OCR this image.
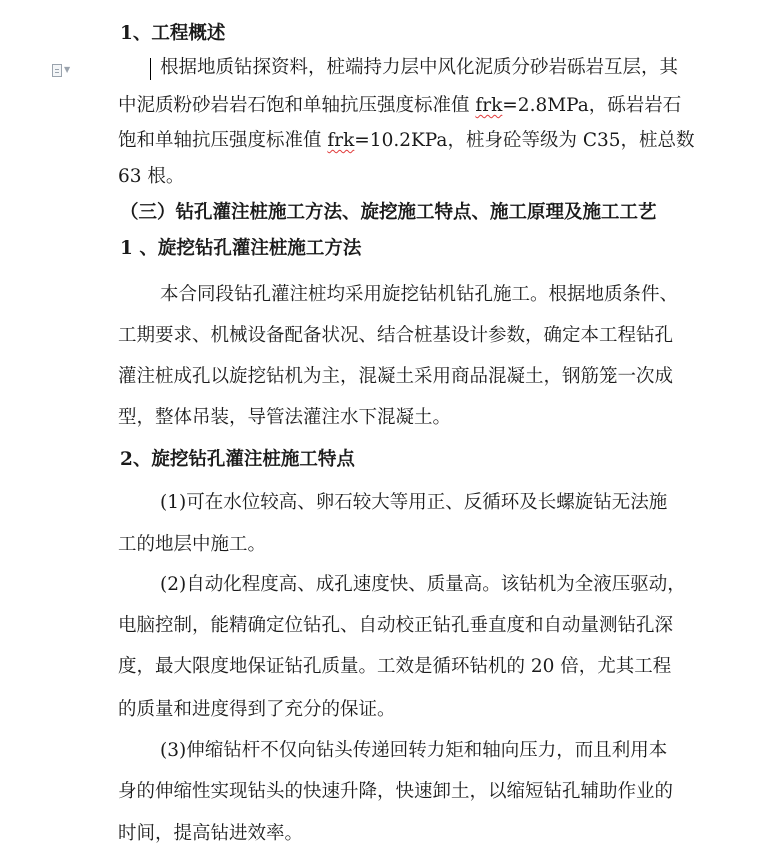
▼
1、工程概述
根据地质钻探资料，桩端持力层中风化泥质分砂岩砾岩互层，其
中泥质粉砂岩岩石饱和单轴抗压强度标准值 frk=2.8MPa，砾岩岩石
饱和单轴抗压强度标准值 frk=10.2KPa，桩身砼等级为 C35，桩总数
63 根。
（三）钻孔灌注桩施工方法、旋挖施工特点、施工原理及施工工艺
1 、旋挖钻孔灌注桩施工方法
本合同段钻孔灌注桩均采用旋挖钻机钻孔施工。根据地质条件、
工期要求、机械设备配备状况、结合桩基设计参数，确定本工程钻孔
灌注桩成孔以旋挖钻机为主，混凝土采用商品混凝土，钢筋笼一次成
型，整体吊装，导管法灌注水下混凝土。
2、旋挖钻孔灌注桩施工特点
(1)可在水位较高、卵石较大等用正、反循环及长螺旋钻无法施
工的地层中施工。
(2)自动化程度高、成孔速度快、质量高。该钻机为全液压驱动，
电脑控制，能精确定位钻孔、自动校正钻孔垂直度和自动量测钻孔深
度，最大限度地保证钻孔质量。工效是循环钻机的 20 倍，尤其工程
的质量和进度得到了充分的保证。
(3)伸缩钻杆不仅向钻头传递回转力矩和轴向压力，而且利用本
身的伸缩性实现钻头的快速升降，快速卸土，以缩短钻孔辅助作业的
时间，提高钻进效率。
